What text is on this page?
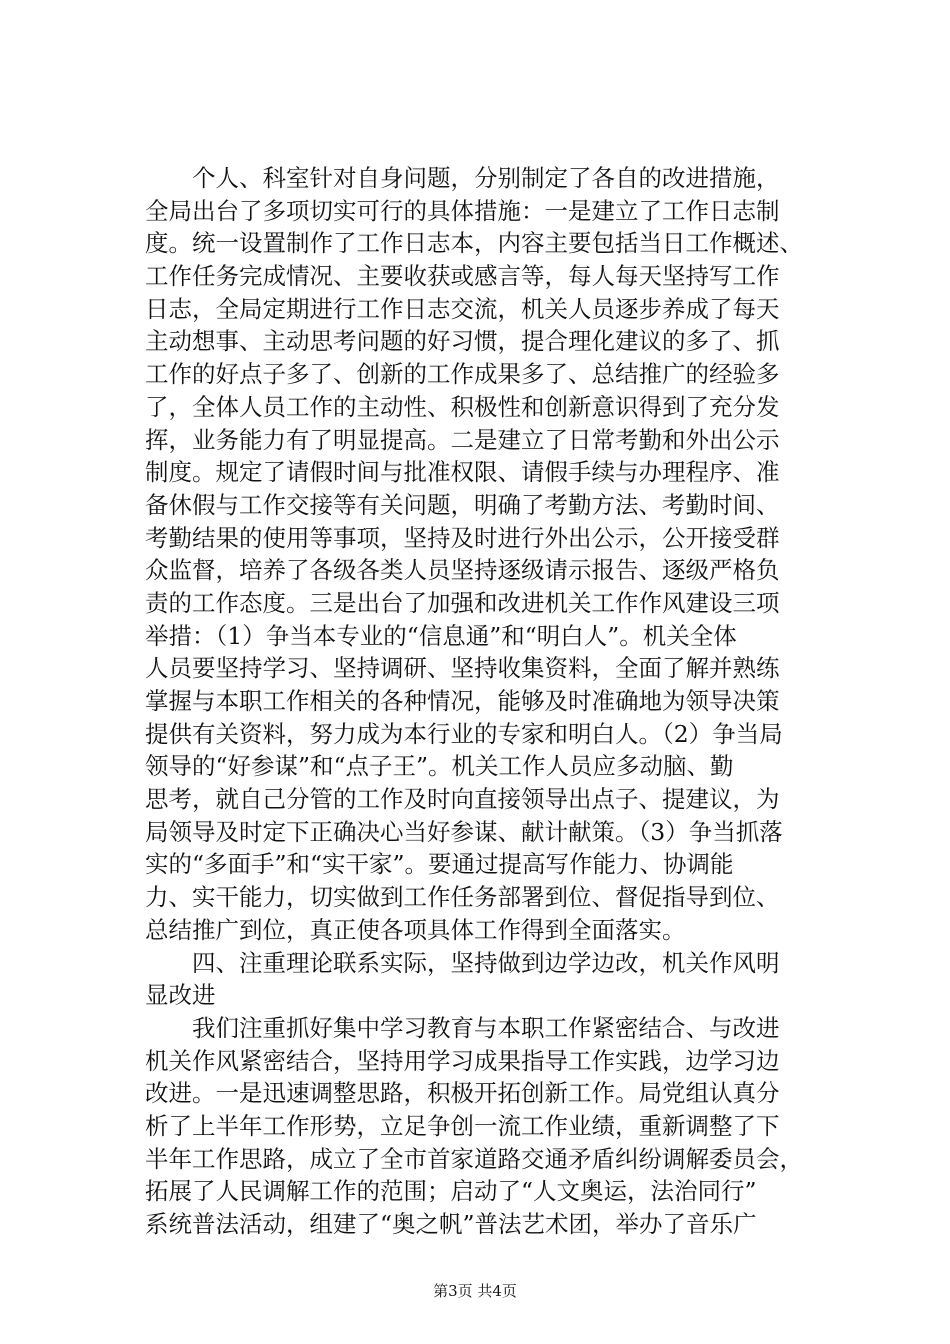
个人、科室针对自身问题，分别制定了各自的改进措施，
全局出台了多项切实可行的具体措施：一是建立了工作日志制
度。统一设置制作了工作日志本，内容主要包括当日工作概述、
工作任务完成情况、主要收获或感言等，每人每天坚持写工作
日志，全局定期进行工作日志交流，机关人员逐步养成了每天
主动想事、主动思考问题的好习惯，提合理化建议的多了、抓
工作的好点子多了、创新的工作成果多了、总结推广的经验多
了，全体人员工作的主动性、积极性和创新意识得到了充分发
挥，业务能力有了明显提高。二是建立了日常考勤和外出公示
制度。规定了请假时间与批准权限、请假手续与办理程序、准
备休假与工作交接等有关问题，明确了考勤方法、考勤时间、
考勤结果的使用等事项，坚持及时进行外出公示，公开接受群
众监督，培养了各级各类人员坚持逐级请示报告、逐级严格负
责的工作态度。三是出台了加强和改进机关工作作风建设三项
举措：（1）争当本专业的“信息通”和“明白人”。机关全体
人员要坚持学习、坚持调研、坚持收集资料，全面了解并熟练
掌握与本职工作相关的各种情况，能够及时准确地为领导决策
提供有关资料，努力成为本行业的专家和明白人。（2）争当局
领导的“好参谋”和“点子王”。机关工作人员应多动脑、勤
思考，就自己分管的工作及时向直接领导出点子、提建议，为
局领导及时定下正确决心当好参谋、献计献策。（3）争当抓落
实的“多面手”和“实干家”。要通过提高写作能力、协调能
力、实干能力，切实做到工作任务部署到位、督促指导到位、
总结推广到位，真正使各项具体工作得到全面落实。
四、注重理论联系实际，坚持做到边学边改，机关作风明
显改进
我们注重抓好集中学习教育与本职工作紧密结合、与改进
机关作风紧密结合，坚持用学习成果指导工作实践，边学习边
改进。一是迅速调整思路，积极开拓创新工作。局党组认真分
析了上半年工作形势，立足争创一流工作业绩，重新调整了下
半年工作思路，成立了全市首家道路交通矛盾纠纷调解委员会，
拓展了人民调解工作的范围；启动了“人文奥运，法治同行”
系统普法活动，组建了“奥之帆”普法艺术团，举办了音乐广
第3页 共4页
